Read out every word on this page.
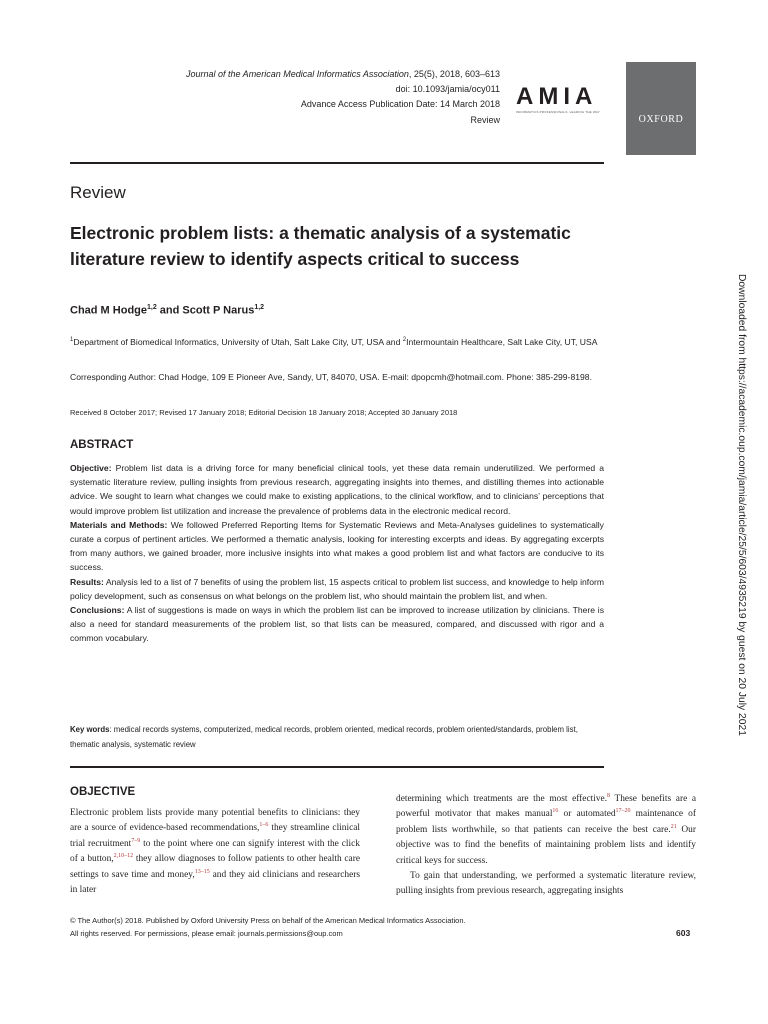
Journal of the American Medical Informatics Association, 25(5), 2018, 603–613
doi: 10.1093/jamia/ocy011
Advance Access Publication Date: 14 March 2018
Review
AMIA
INFORMATICS PROFESSIONALS. LEADING THE WAY.
OXFORD
Review
Electronic problem lists: a thematic analysis of a systematic literature review to identify aspects critical to success
Chad M Hodge$^{1,2}$ and Scott P Narus$^{1,2}$
$^1$Department of Biomedical Informatics, University of Utah, Salt Lake City, UT, USA and $^2$Intermountain Healthcare, Salt Lake City, UT, USA
Corresponding Author: Chad Hodge, 109 E Pioneer Ave, Sandy, UT, 84070, USA. E-mail: dpopcmh@hotmail.com. Phone: 385-299-8198.
Received 8 October 2017; Revised 17 January 2018; Editorial Decision 18 January 2018; Accepted 30 January 2018
ABSTRACT

Objective: Problem list data is a driving force for many beneficial clinical tools, yet these data remain underutilized. We performed a systematic literature review, pulling insights from previous research, aggregating insights into themes, and distilling themes into actionable advice. We sought to learn what changes we could make to existing applications, to the clinical workflow, and to clinicians’ perceptions that would improve problem list utilization and increase the prevalence of problems data in the electronic medical record.

Materials and Methods: We followed Preferred Reporting Items for Systematic Reviews and Meta-Analyses guidelines to systematically curate a corpus of pertinent articles. We performed a thematic analysis, looking for interesting excerpts and ideas. By aggregating excerpts from many authors, we gained broader, more inclusive insights into what makes a good problem list and what factors are conducive to its success.

Results: Analysis led to a list of 7 benefits of using the problem list, 15 aspects critical to problem list success, and knowledge to help inform policy development, such as consensus on what belongs on the problem list, who should maintain the problem list, and when.

Conclusions: A list of suggestions is made on ways in which the problem list can be improved to increase utilization by clinicians. There is also a need for standard measurements of the problem list, so that lists can be measured, compared, and discussed with rigor and a common vocabulary.

Key words: medical records systems, computerized, medical records, problem oriented, medical records, problem oriented/standards, problem list, thematic analysis, systematic review
OBJECTIVE

Electronic problem lists provide many potential benefits to clinicians: they are a source of evidence-based recommendations,$^{1-6}$ they streamline clinical trial recruitment$^{7-9}$ to the point where one can signify interest with the click of a button,$^{2,10-12}$ they allow diagnoses to follow patients to other health care settings to save time and money,$^{13-15}$ and they aid clinicians and researchers in later

determining which treatments are the most effective.$^8$ These benefits are a powerful motivator that makes manual$^{16}$ or automated$^{17-20}$ maintenance of problem lists worthwhile, so that patients can receive the best care.$^{21}$ Our objective was to find the benefits of maintaining problem lists and identify critical keys for success.

To gain that understanding, we performed a systematic literature review, pulling insights from previous research, aggregating insights

© The Author(s) 2018. Published by Oxford University Press on behalf of the American Medical Informatics Association.
All rights reserved. For permissions, please email: journals.permissions@oup.com	603
Downloaded from https://academic.oup.com/jamia/article/25/5/603/4935219 by guest on 20 July 2021
